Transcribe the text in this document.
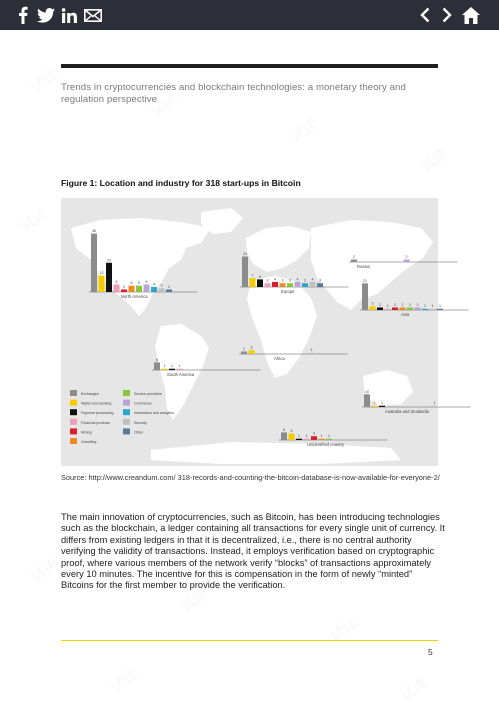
试读
试读
试读
试读
试读
试读
试读
试读
试读	试读
Trends in cryptocurrencies and blockchain technologies: a monetary theory and regulation perspective
Figure 1: Location and industry for 318 start-ups in Bitcoin
46
13
23
6
2
5 5 6
4 3 2
North America
24
7 6
3 4 3 3 4 3 4 3
Europe
2	2
Russia
21
3 2 1 2 2 2 2 1 1 1
Asia
2 3
1
Africa
6
1 1 1
South America
10
1 1	1
Australia and Zealandia
6 5
1 1
3
1 1
Unidentified country
Exchanges
Wallet and banking
Payment processing
Financial products
Mining
Gambling
Service providers
Commerce
Information and analytics
Security
Other
Source: http://www.creandum.com/ 318-records-and-counting-the-bitcoin-database-is-now-available-for-everyone-2/
The main innovation of cryptocurrencies, such as Bitcoin, has been introducing technologies such as the blockchain, a ledger containing all transactions for every single unit of currency. It differs from existing ledgers in that it is decentralized, i.e., there is no central authority verifying the validity of transactions. Instead, it employs verification based on cryptographic proof, where various members of the network verify “blocks” of transactions approximately every 10 minutes. The incentive for this is compensation in the form of newly “minted” Bitcoins for the first member to provide the verification.
5
